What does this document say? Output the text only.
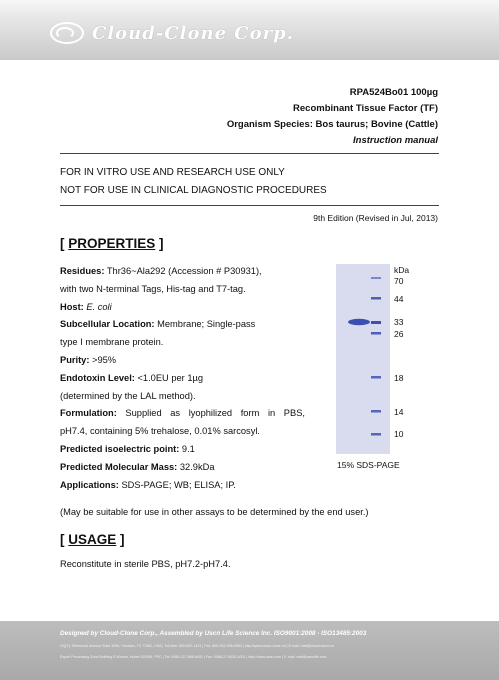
Cloud-Clone Corp.
RPA524Bo01 100µg
Recombinant Tissue Factor (TF)
Organism Species: Bos taurus; Bovine (Cattle)
Instruction manual
FOR IN VITRO USE AND RESEARCH USE ONLY
NOT FOR USE IN CLINICAL DIAGNOSTIC PROCEDURES
9th Edition (Revised in Jul, 2013)
[ PROPERTIES ]
Residues: Thr36~Ala292 (Accession # P30931),
with two N-terminal Tags, His-tag and T7-tag.
Host: E. coli
Subcellular Location: Membrane; Single-pass
type I membrane protein.
Purity: >95%
Endotoxin Level: <1.0EU per 1µg
(determined by the LAL method).
Formulation: Supplied as lyophilized form in PBS,
pH7.4, containing 5% trehalose, 0.01% sarcosyl.
Predicted isoelectric point: 9.1
Predicted Molecular Mass: 32.9kDa
Applications: SDS-PAGE; WB; ELISA; IP.
(May be suitable for use in other assays to be determined by the end user.)
kDa
70
44
33
26
18
14
10
15% SDS-PAGE
[ USAGE ]
Reconstitute in sterile PBS, pH7.2-pH7.4.
Designed by Cloud-Clone Corp., Assembled by Uscn Life Science Inc. ISO9001:2008 · ISO13485:2003
HQ(T): Richmond Avenue Suite 3056, Houston, TX 77082, USA | Toll-free: 800-692-1421 | Fax: 800-932-938-0984 | http://www.cloud-clone.us | E-mail: mail@cloud-clone.us
Export Processing Zone,Building E,Wuhan, Hubei 430056, PRC | Tel: 0086-027-868-6401 | Fax: 0086-27-8420-4001 | http://www.uscn.com | E-mail: mail@uscnlife.com
